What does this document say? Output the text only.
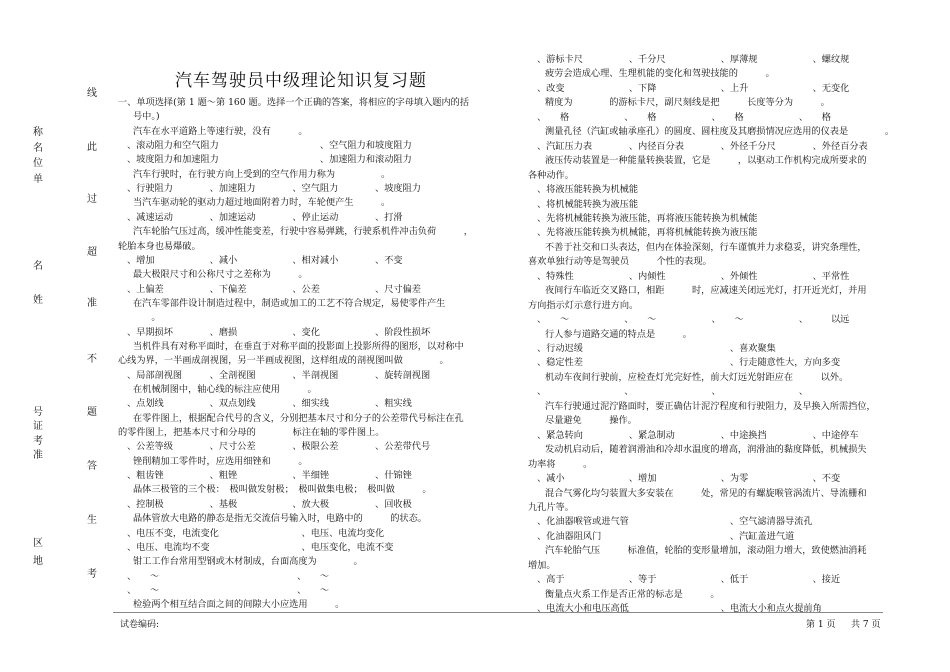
称
名
位
单
名
姓
号
证
考
准
区
地
线
此
过
超
准
不
题
答
生
考
汽车驾驶员中级理论知识复习题
试卷编码:	第 1 页 共 7 页
一、单项选择(第 1 题～第 160 题。选择一个正确的答案，将相应的字母填入题内的括
号中。)
汽车在水平道路上等速行驶，没有　　　。
、滚动阻力和空气阻力　　　　　　　　　　　、空气阻力和坡度阻力
、坡度阻力和加速阻力　　　　　　　　　　　、加速阻力和滚动阻力
汽车行驶时，在行驶方向上受到的空气作用力称为　　　　　。
、行驶阻力　　　　、加速阻力　　　　、空气阻力　　　　、坡度阻力
当汽车驱动轮的驱动力超过地面附着力时，车轮便产生　　　。
、减速运动　　　　、加速运动　　　　、停止运动　　　　、打滑
汽车轮胎气压过高，缓冲性能变差，行驶中容易弹跳，行驶系机件冲击负荷　　　，
轮胎本身也易爆破。
、增加　　　　　　、减小　　　　　　、相对减小　　　　、不变
最大极限尺寸和公称尺寸之差称为　　　。
、上偏差　　　　　、下偏差　　　　　、公差　　　　　　、尺寸偏差
在汽车零部件设计制造过程中，制造或加工的工艺不符合规定，易使零件产生
　　。
、早期损坏　　　　、磨损　　　　　　、变化　　　　　　、阶段性损坏
当机件具有对称平面时，在垂直于对称平面的投影面上投影所得的图形，以对称中
心线为界，一半画成剖视图，另一半画成视图，这样组成的剖视图叫做　　　　。
、局部剖视图　　　、全剖视图　　　　、半剖视图　　　　、旋转剖视图
在机械制图中，轴心线的标注应使用　　　。
、点划线　　　　　、双点划线　　　　、细实线　　　　　、粗实线
在零件图上，根据配合代号的含义，分别把基本尺寸和分子的公差带代号标注在孔
的零件图上，把基本尺寸和分母的　　　　标注在轴的零件图上。
、公差等级　　　　、尺寸公差　　　　、极限公差　　　　、公差带代号
锉削精加工零件时，应选用细锉和　　　。
、粗齿锉　　　　　、粗锉　　　　　　、半细锉　　　　　、什锦锉
晶体三极管的三个极：　极叫做发射极；　极叫做集电极；　极叫做　　　。
、控制极　　　　　、基极　　　　　　、放大极　　　　　、回收极
晶体管放大电路的静态是指无交流信号输入时，电路中的　　　的状态。
、电压不变，电流变化　　　　　　　　　、电压、电流均变化
、电压、电流均不变　　　　　　　　　　、电压变化，电流不变
钳工工作台常用型钢或木材制成，台面高度为　　　　。
、　　～　　　　　　　　　　　　　　　、　　～
、　　～　　　　　　　　　　　　　　　、　　～
检验两个相互结合面之间的间隙大小应选用　　　。
、游标卡尺　　　　　、千分尺　　　　　　、厚薄规　　　　　　、螺纹规
疲劳会造成心理、生理机能的变化和驾驶技能的　　　。
、改变　　　　　　　、下降　　　　　　　、上升　　　　　　　、无变化
精度为　　　　的游标卡尺，副尺刻线是把　　　长度等分为　　　。
、　　格　　　　　　、　　格　　　　　　、　　格　　　　　　、　　格
测量孔径（汽缸或轴承座孔）的圆度、圆柱度及其磨损情况应选用的仪表是　　　　。
、汽缸压力表　　　　、内径百分表　　　　、外径千分尺　　　　、外径百分表
液压传动装置是一种能量转换装置，它是　　　，以驱动工作机构完成所要求的
各种动作。
、将液压能转换为机械能
、将机械能转换为液压能
、先将机械能转换为液压能，再将液压能转换为机械能
、先将液压能转换为机械能，再将机械能转换为液压能
不善于社交和口头表达，但内在体验深刻，行车谨慎并力求稳妥，讲究条理性，
喜欢单独行动等是驾驶员　　　个性的表现。
、特殊性　　　　　　、内倾性　　　　　　、外倾性　　　　　　、平常性
夜间行车临近交叉路口，相距　　　时，应减速关闭远光灯，打开近光灯，并用
方向指示灯示意行进方向。
、　　～　　　　　　、　　～　　　　　　、　　～　　　　　　、　　　以远
行人参与道路交通的特点是　　　。
、行动迟缓　　　　　　　　　　　　　　　　、喜欢聚集
、稳定性差　　　　　　　　　　　　　　　　、行走随意性大，方向多变
机动车夜间行驶前，应检查灯光完好性，前大灯远光射距应在　　　以外。
、　　　　　　　　　、　　　　　　　　　、　　　　　　　　　、
汽车行驶通过泥泞路面时，要正确估计泥泞程度和行驶阻力，及早换入所需挡位，
尽量避免　　　操作。
、紧急转向　　　　　、紧急制动　　　　　、中途换挡　　　　　、中途停车
发动机启动后，随着润滑油和冷却水温度的增高，润滑油的黏度降低，机械损失
功率将　　　。
、减小　　　　　　　、增加　　　　　　　、为零　　　　　　　、不变
混合气雾化均匀装置大多安装在　　　处，常见的有螺旋喉管涡流片、导流栅和
九孔片等。
、化油器喉管或进气管　　　　　　　　　　　、空气滤清器导流孔
、化油器阻风门　　　　　　　　　　　　　　、汽缸盖进气道
汽车轮胎气压　　　标准值，轮胎的变形量增加，滚动阻力增大，致使燃油消耗
增加。
、高于　　　　　　　、等于　　　　　　　、低于　　　　　　　、接近
衡量点火系工作是否正常的标志是　　　。
、电流大小和电压高低　　　　　　　　　　、电流大小和点火提前角
